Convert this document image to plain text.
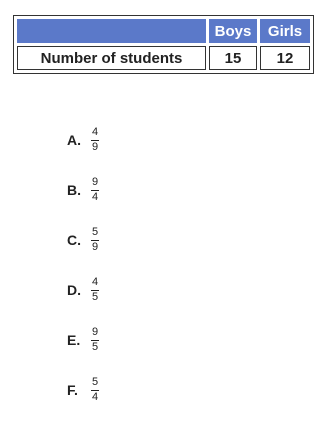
	Boys	Girls
Number of students	15	12
A. $\frac{4}{9}$
B. $\frac{9}{4}$
C. $\frac{5}{9}$
D. $\frac{4}{5}$
E. $\frac{9}{5}$
F.	$\frac{5}{4}$
